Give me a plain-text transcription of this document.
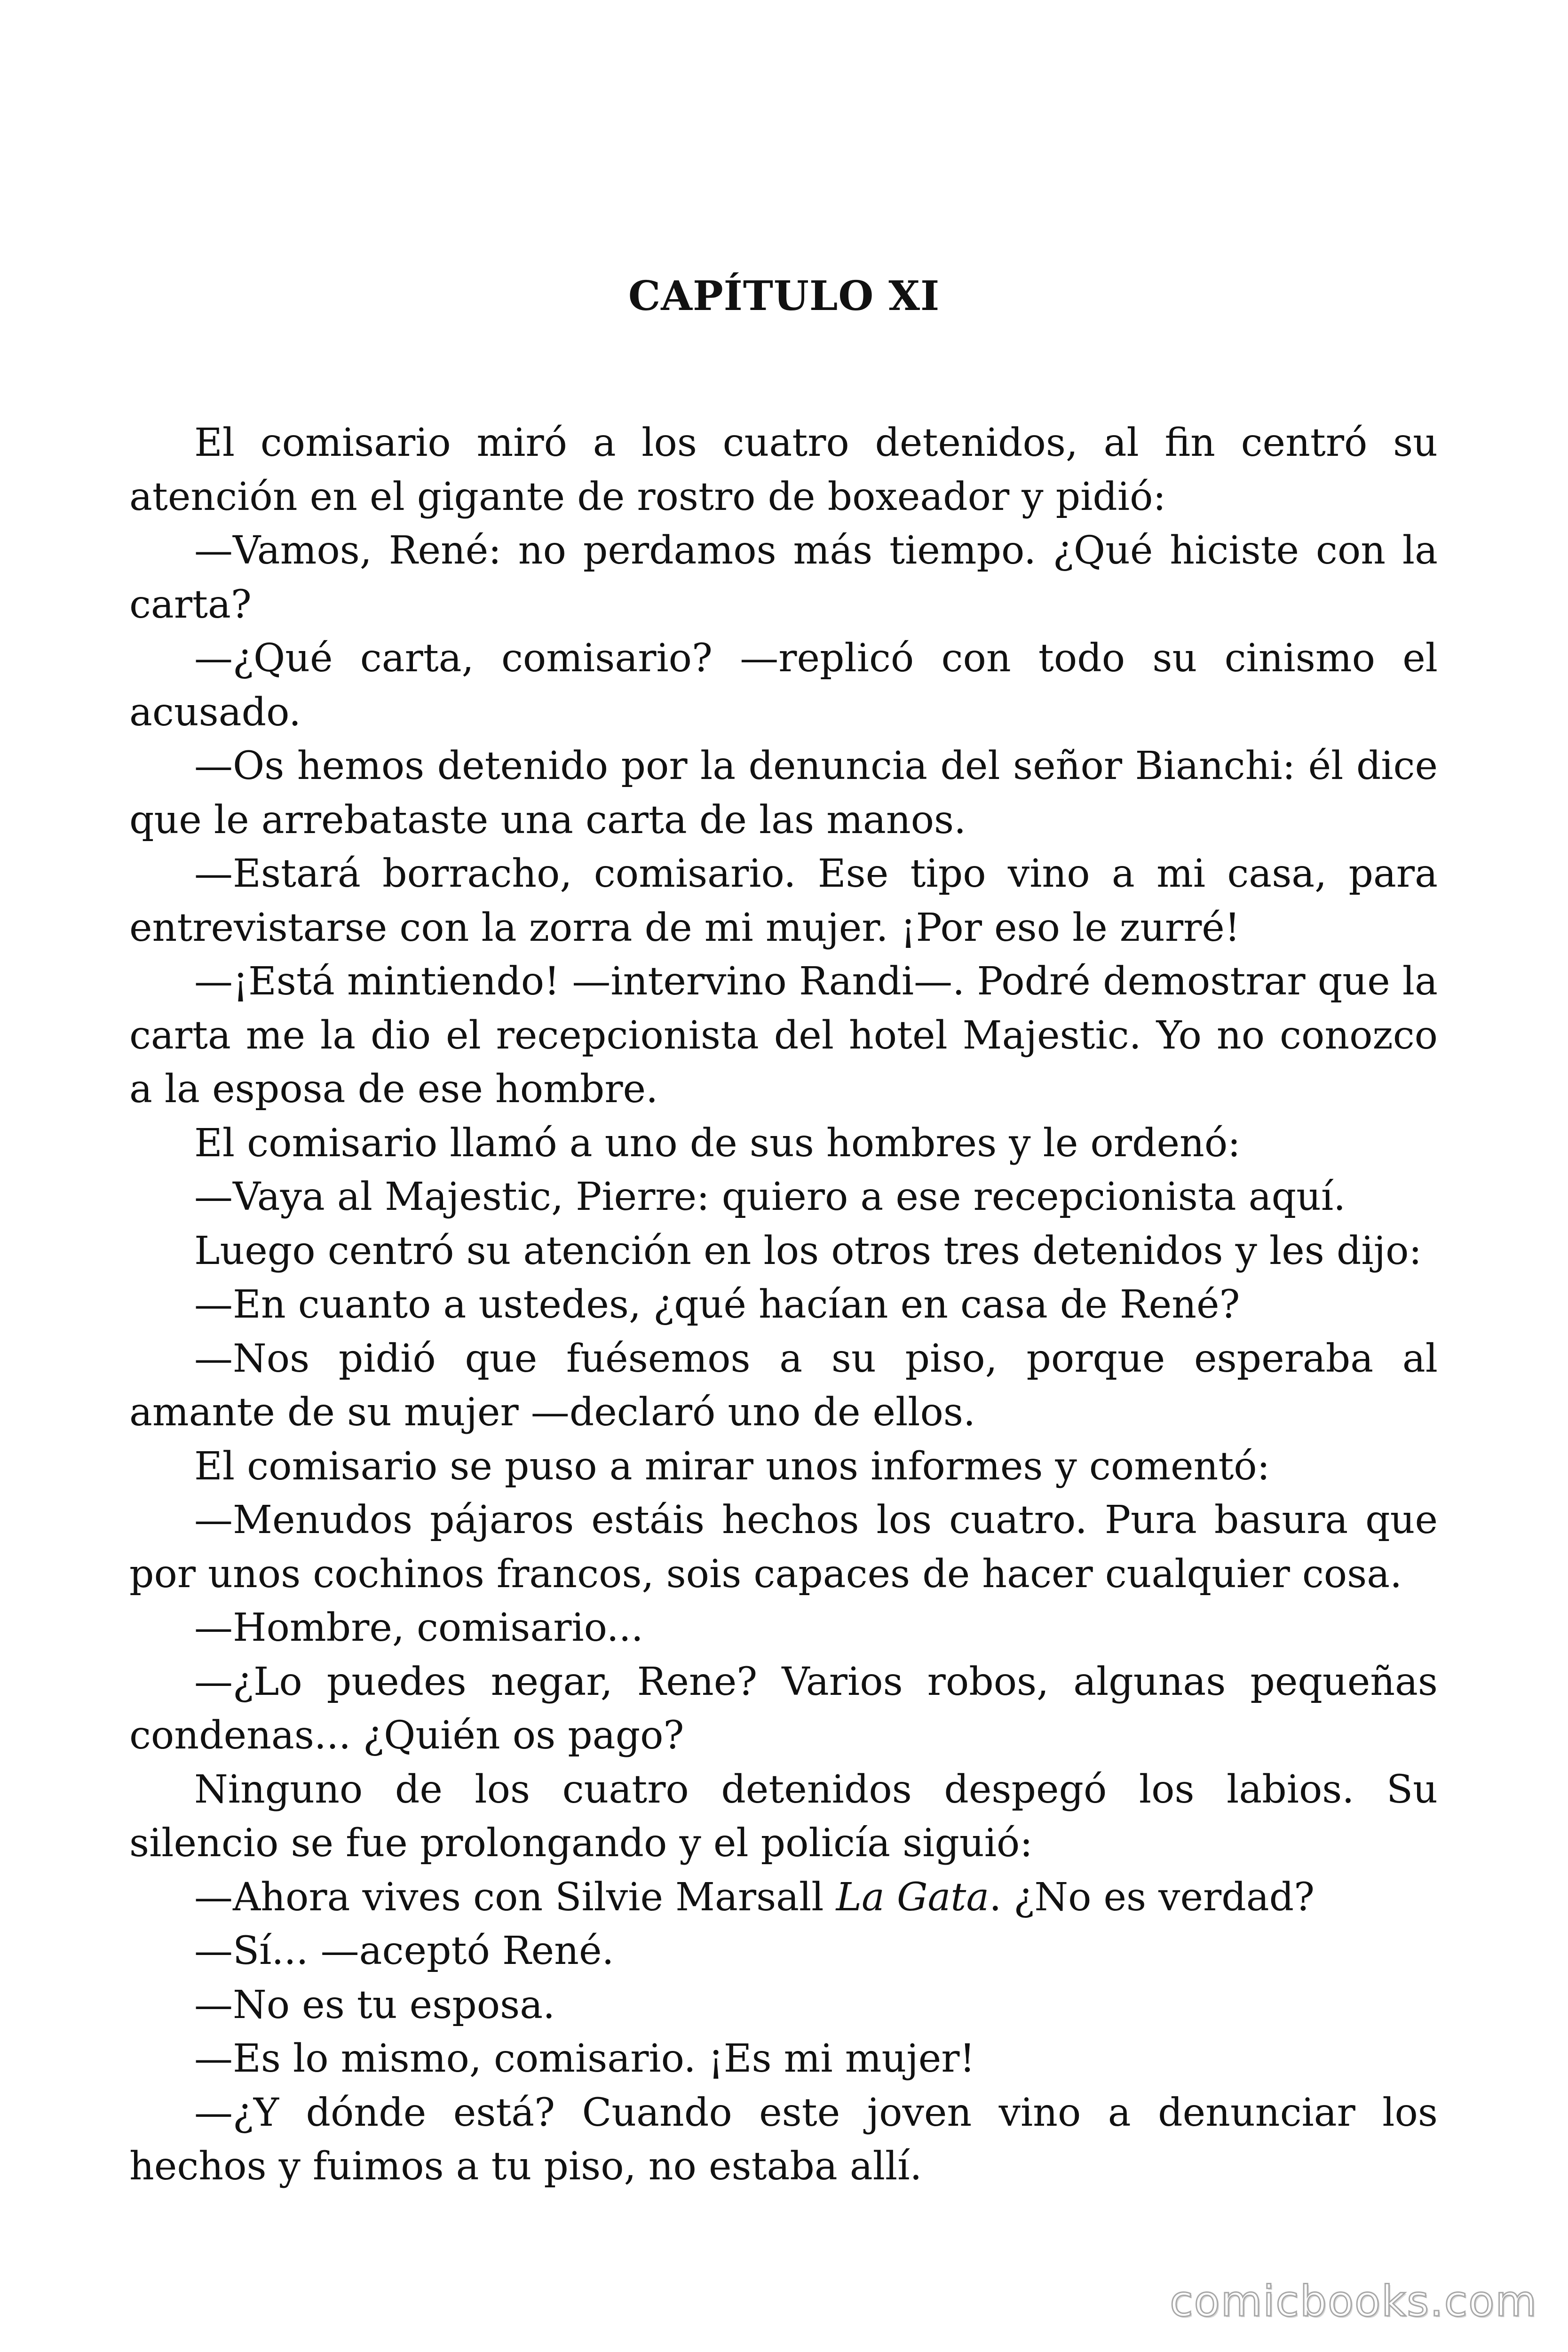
CAPÍTULO XI

El comisario miró a los cuatro detenidos, al fin centró su atención en el gigante de rostro de boxeador y pidió:

—Vamos, René: no perdamos más tiempo. ¿Qué hiciste con la carta?

—¿Qué carta, comisario? —replicó con todo su cinismo el acusado.

—Os hemos detenido por la denuncia del señor Bianchi: él dice que le arrebataste una carta de las manos.

—Estará borracho, comisario. Ese tipo vino a mi casa, para entrevistarse con la zorra de mi mujer. ¡Por eso le zurré!

—¡Está mintiendo! —intervino Randi—. Podré demostrar que la carta me la dio el recepcionista del hotel Majestic. Yo no conozco a la esposa de ese hombre.

El comisario llamó a uno de sus hombres y le ordenó:

—Vaya al Majestic, Pierre: quiero a ese recepcionista aquí.

Luego centró su atención en los otros tres detenidos y les dijo:

—En cuanto a ustedes, ¿qué hacían en casa de René?

—Nos pidió que fuésemos a su piso, porque esperaba al amante de su mujer —declaró uno de ellos.

El comisario se puso a mirar unos informes y comentó:

—Menudos pájaros estáis hechos los cuatro. Pura basura que por unos cochinos francos, sois capaces de hacer cualquier cosa.

—Hombre, comisario...

—¿Lo puedes negar, Rene? Varios robos, algunas pequeñas condenas... ¿Quién os pago?

Ninguno de los cuatro detenidos despegó los labios. Su silencio se fue prolongando y el policía siguió:

—Ahora vives con Silvie Marsall La Gata. ¿No es verdad?

—Sí... —aceptó René.

—No es tu esposa.

—Es lo mismo, comisario. ¡Es mi mujer!

—¿Y dónde está? Cuando este joven vino a denunciar los hechos y fuimos a tu piso, no estaba allí.

comicbooks.com
